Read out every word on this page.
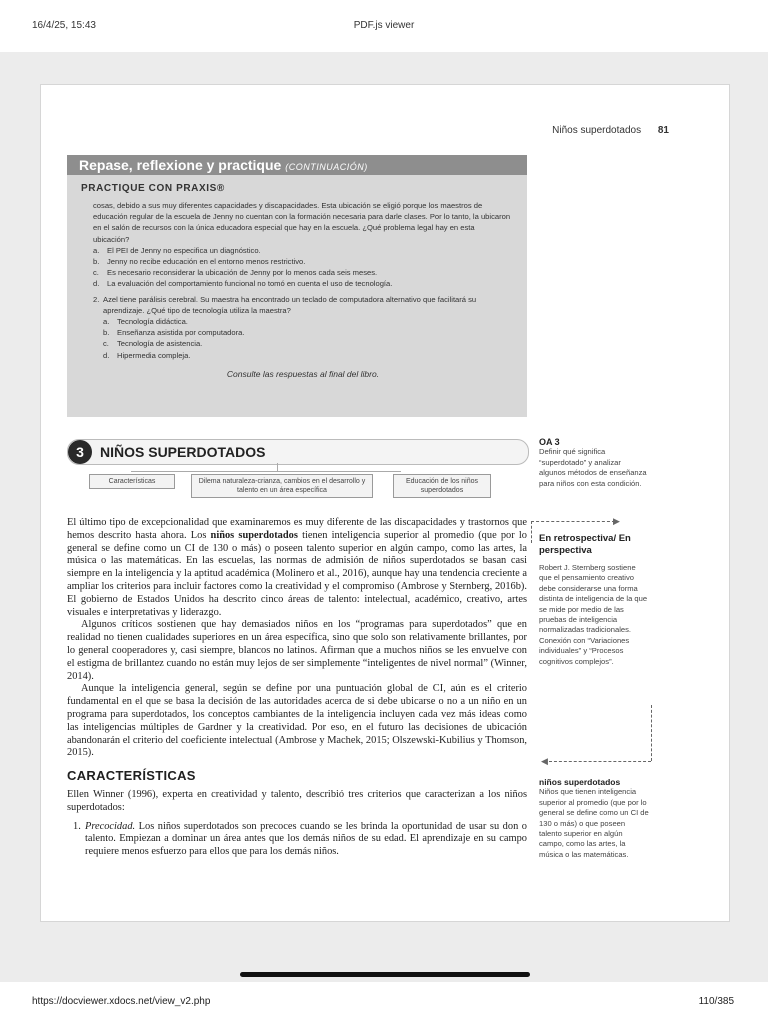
16/4/25, 15:43	PDF.js viewer
Niños superdotados 81
Repase, reflexione y practique (CONTINUACIÓN)
PRACTIQUE CON PRAXIS®

cosas, debido a sus muy diferentes capacidades y discapacidades. Esta ubicación se eligió porque los maestros de educación regular de la escuela de Jenny no cuentan con la formación necesaria para darle clases. Por lo tanto, la ubicaron en el salón de recursos con la única educadora especial que hay en la escuela. ¿Qué problema legal hay en esta ubicación?

a. El PEI de Jenny no especifica un diagnóstico.
b. Jenny no recibe educación en el entorno menos restrictivo.
c. Es necesario reconsiderar la ubicación de Jenny por lo menos cada seis meses.
d. La evaluación del comportamiento funcional no tomó en cuenta el uso de tecnología.
2. Azel tiene parálisis cerebral. Su maestra ha encontrado un teclado de computadora alternativo que facilitará su aprendizaje. ¿Qué tipo de tecnología utiliza la maestra?

a. Tecnología didáctica.
b. Enseñanza asistida por computadora.
c. Tecnología de asistencia.
d. Hipermedia compleja.
Consulte las respuestas al final del libro.
3	NIÑOS SUPERDOTADOS
Características	Dilema naturaleza-crianza, cambios en el desarrollo y talento en un área específica
Educación de los niños superdotados

El último tipo de excepcionalidad que examinaremos es muy diferente de las discapacidades y trastornos que hemos descrito hasta ahora. Los niños superdotados tienen inteligencia superior al promedio (que por lo general se define como un CI de 130 o más) o poseen talento superior en algún campo, como las artes, la música o las matemáticas. En las escuelas, las normas de admisión de niños superdotados se basan casi siempre en la inteligencia y la aptitud académica (Molinero et al., 2016), aunque hay una tendencia creciente a ampliar los criterios para incluir factores como la creatividad y el compromiso (Ambrose y Sternberg, 2016b). El gobierno de Estados Unidos ha descrito cinco áreas de talento: intelectual, académico, creativo, artes visuales e interpretativas y liderazgo.

Algunos críticos sostienen que hay demasiados niños en los “programas para superdotados” que en realidad no tienen cualidades superiores en un área específica, sino que solo son relativamente brillantes, por lo general cooperadores y, casi siempre, blancos no latinos. Afirman que a muchos niños se les envuelve con el estigma de brillantez cuando no están muy lejos de ser simplemente “inteligentes de nivel normal” (Winner, 2014).

Aunque la inteligencia general, según se define por una puntuación global de CI, aún es el criterio fundamental en el que se basa la decisión de las autoridades acerca de si debe ubicarse o no a un niño en un programa para superdotados, los conceptos cambiantes de la inteligencia incluyen cada vez más ideas como las inteligencias múltiples de Gardner y la creatividad. Por eso, en el futuro las decisiones de ubicación abandonarán el criterio del coeficiente intelectual (Ambrose y Machek, 2015; Olszewski-Kubilius y Thomson, 2015).

CARACTERÍSTICAS

Ellen Winner (1996), experta en creatividad y talento, describió tres criterios que caracterizan a los niños superdotados:

1. Precocidad. Los niños superdotados son precoces cuando se les brinda la oportunidad de usar su don o talento. Empiezan a dominar un área antes que los demás niños de su edad. El aprendizaje en su campo requiere menos esfuerzo para ellos que para los demás niños.
OA 3
Definir qué significa “superdotado” y analizar algunos métodos de enseñanza para niños con esta condición.
▶
En retrospectiva/ En perspectiva
Robert J. Sternberg sostiene que el pensamiento creativo debe considerarse una forma distinta de inteligencia de la que se mide por medio de las pruebas de inteligencia normalizadas tradicionales. Conexión con “Variaciones individuales” y “Procesos cognitivos complejos”.
◀
niños superdotados
Niños que tienen inteligencia superior al promedio (que por lo general se define como un CI de 130 o más) o que poseen talento superior en algún campo, como las artes, la música o las matemáticas.
https://docviewer.xdocs.net/view_v2.php	110/385
